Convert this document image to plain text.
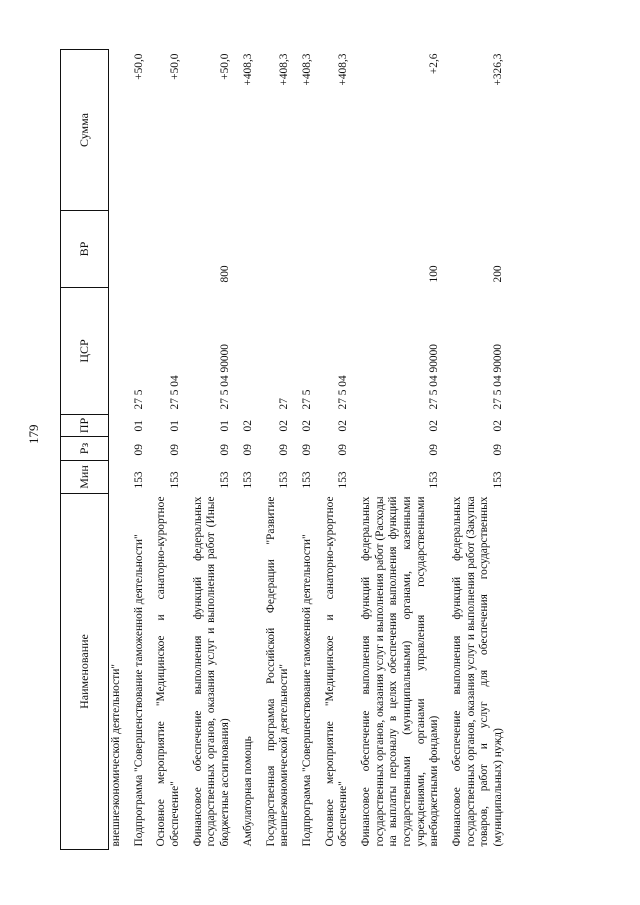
179
Наименование	Мин	Рз	ПР	ЦСР	ВР	Сумма
внешнеэкономической деятельности"						
Подпрограмма "Совершенствование таможенной деятельности"	153	09	01	27 5		+50,0
Основное мероприятие "Медицинское и санаторно-курортное обеспечение"	153	09	01	27 5 04		+50,0
Финансовое обеспечение выполнения функций федеральных государственных органов, оказания услуг и выполнения работ (Иные бюджетные ассигнования)	153	09	01	27 5 04 90000	800	+50,0
Амбулаторная помощь	153	09	02			+408,3
Государственная программа Российской Федерации "Развитие внешнеэкономической деятельности"	153	09	02	27		+408,3
Подпрограмма "Совершенствование таможенной деятельности"	153	09	02	27 5		+408,3
Основное мероприятие "Медицинское и санаторно-курортное обеспечение"	153	09	02	27 5 04		+408,3
Финансовое обеспечение выполнения функций федеральных государственных органов, оказания услуг и выполнения работ (Расходы на выплаты персоналу в целях обеспечения выполнения функций государственными (муниципальными) органами, казенными учреждениями, органами управления государственными внебюджетными фондами)	153	09	02	27 5 04 90000	100	+2,6
Финансовое обеспечение выполнения функций федеральных государственных органов, оказания услуг и выполнения работ (Закупка товаров, работ и услуг для обеспечения государственных (муниципальных) нужд)	153	09	02	27 5 04 90000	200	+326,3
